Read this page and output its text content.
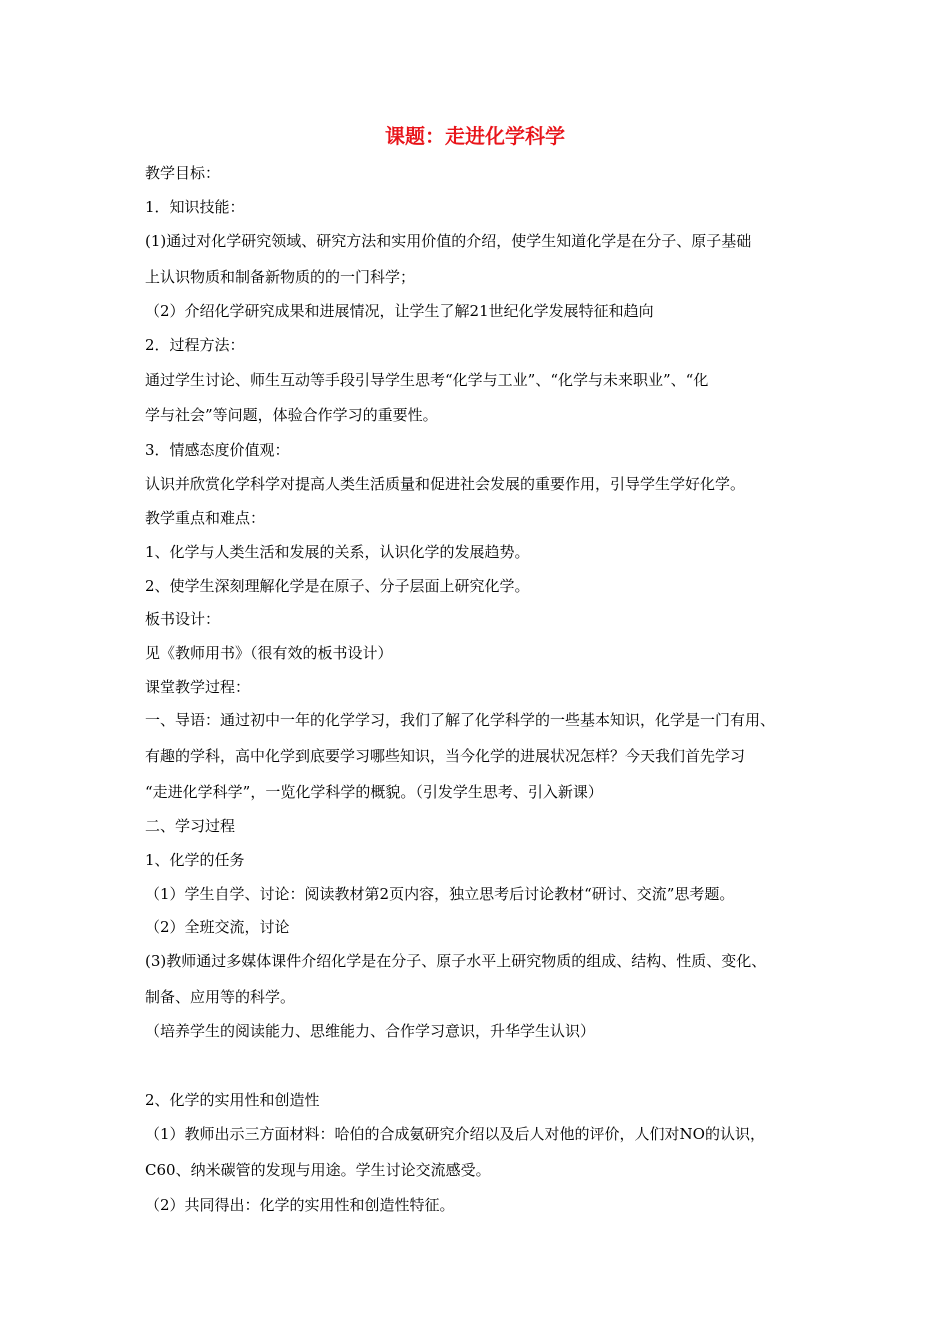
课题：走进化学科学
教学目标：
1．知识技能：
(1)通过对化学研究领域、研究方法和实用价值的介绍，使学生知道化学是在分子、原子基础
上认识物质和制备新物质的的一门科学；
（2）介绍化学研究成果和进展情况，让学生了解21世纪化学发展特征和趋向
2．过程方法：
通过学生讨论、师生互动等手段引导学生思考“化学与工业”、“化学与未来职业”、“化
学与社会”等问题，体验合作学习的重要性。
3．情感态度价值观：
认识并欣赏化学科学对提高人类生活质量和促进社会发展的重要作用，引导学生学好化学。
教学重点和难点：
1、化学与人类生活和发展的关系，认识化学的发展趋势。
2、使学生深刻理解化学是在原子、分子层面上研究化学。
板书设计：
见《教师用书》（很有效的板书设计）
课堂教学过程：
一、导语：通过初中一年的化学学习，我们了解了化学科学的一些基本知识，化学是一门有用、
有趣的学科，高中化学到底要学习哪些知识，当今化学的进展状况怎样？今天我们首先学习
“走进化学科学”，一览化学科学的概貌。（引发学生思考、引入新课）
二、学习过程
1、化学的任务
（1）学生自学、讨论：阅读教材第2页内容，独立思考后讨论教材“研讨、交流”思考题。
（2）全班交流，讨论
(3)教师通过多媒体课件介绍化学是在分子、原子水平上研究物质的组成、结构、性质、变化、
制备、应用等的科学。
（培养学生的阅读能力、思维能力、合作学习意识，升华学生认识）
2、化学的实用性和创造性
（1）教师出示三方面材料：哈伯的合成氨研究介绍以及后人对他的评价，人们对NO的认识，
C60、纳米碳管的发现与用途。学生讨论交流感受。
（2）共同得出：化学的实用性和创造性特征。
